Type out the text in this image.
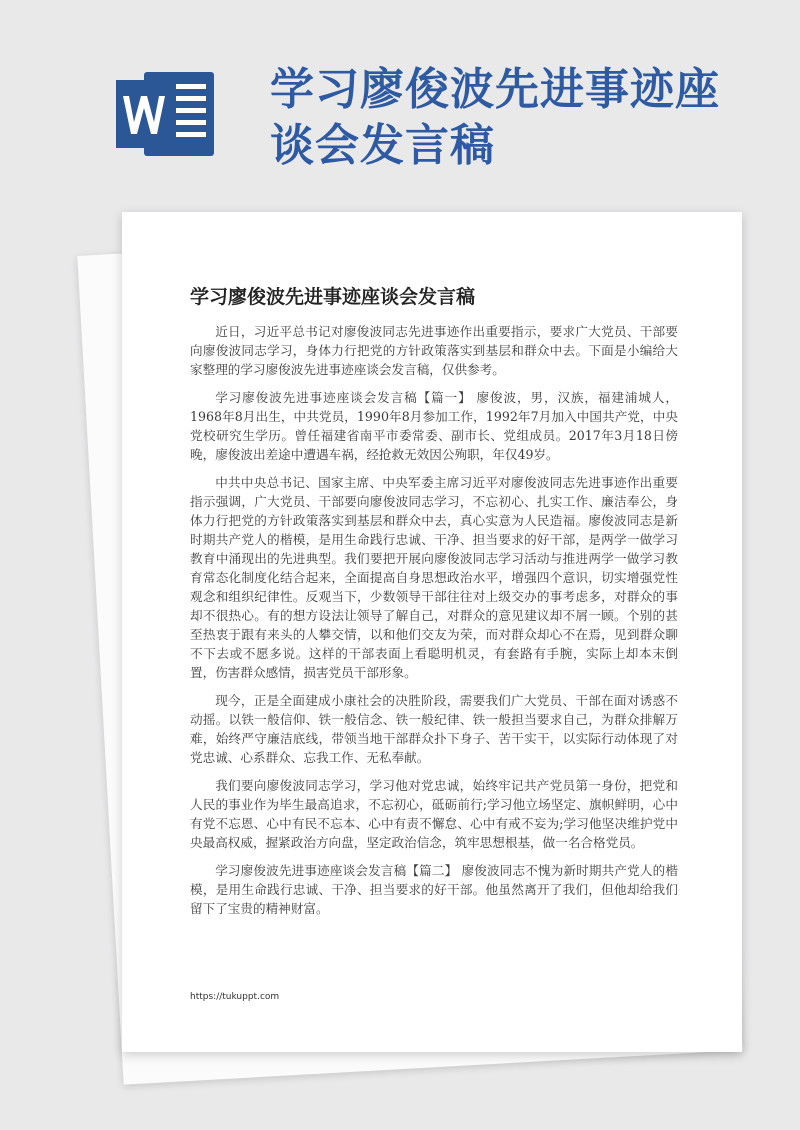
学习廖俊波先进事迹座谈会发言稿
学习廖俊波先进事迹座谈会发言稿

近日，习近平总书记对廖俊波同志先进事迹作出重要指示，要求广大党员、干部要向廖俊波同志学习，身体力行把党的方针政策落实到基层和群众中去。下面是小编给大家整理的学习廖俊波先进事迹座谈会发言稿，仅供参考。

学习廖俊波先进事迹座谈会发言稿【篇一】 廖俊波，男，汉族，福建浦城人，1968年8月出生，中共党员，1990年8月参加工作，1992年7月加入中国共产党，中央党校研究生学历。曾任福建省南平市委常委、副市长、党组成员。2017年3月18日傍晚，廖俊波出差途中遭遇车祸，经抢救无效因公殉职，年仅49岁。

中共中央总书记、国家主席、中央军委主席习近平对廖俊波同志先进事迹作出重要指示强调，广大党员、干部要向廖俊波同志学习，不忘初心、扎实工作、廉洁奉公，身体力行把党的方针政策落实到基层和群众中去，真心实意为人民造福。廖俊波同志是新时期共产党人的楷模，是用生命践行忠诚、干净、担当要求的好干部，是两学一做学习教育中涌现出的先进典型。我们要把开展向廖俊波同志学习活动与推进两学一做学习教育常态化制度化结合起来，全面提高自身思想政治水平，增强四个意识，切实增强党性观念和组织纪律性。反观当下，少数领导干部往往对上级交办的事考虑多，对群众的事却不很热心。有的想方设法让领导了解自己，对群众的意见建议却不屑一顾。个别的甚至热衷于跟有来头的人攀交情，以和他们交友为荣，而对群众却心不在焉，见到群众聊不下去或不愿多说。这样的干部表面上看聪明机灵，有套路有手腕，实际上却本末倒置，伤害群众感情，损害党员干部形象。

现今，正是全面建成小康社会的决胜阶段，需要我们广大党员、干部在面对诱惑不动摇。以铁一般信仰、铁一般信念、铁一般纪律、铁一般担当要求自己，为群众排解万难，始终严守廉洁底线，带领当地干部群众扑下身子、苦干实干，以实际行动体现了对党忠诚、心系群众、忘我工作、无私奉献。

我们要向廖俊波同志学习，学习他对党忠诚，始终牢记共产党员第一身份，把党和人民的事业作为毕生最高追求，不忘初心，砥砺前行;学习他立场坚定、旗帜鲜明，心中有党不忘恩、心中有民不忘本、心中有责不懈怠、心中有戒不妄为;学习他坚决维护党中央最高权威，握紧政治方向盘，坚定政治信念，筑牢思想根基，做一名合格党员。

学习廖俊波先进事迹座谈会发言稿【篇二】 廖俊波同志不愧为新时期共产党人的楷模，是用生命践行忠诚、干净、担当要求的好干部。他虽然离开了我们，但他却给我们留下了宝贵的精神财富。

https://tukuppt.com
